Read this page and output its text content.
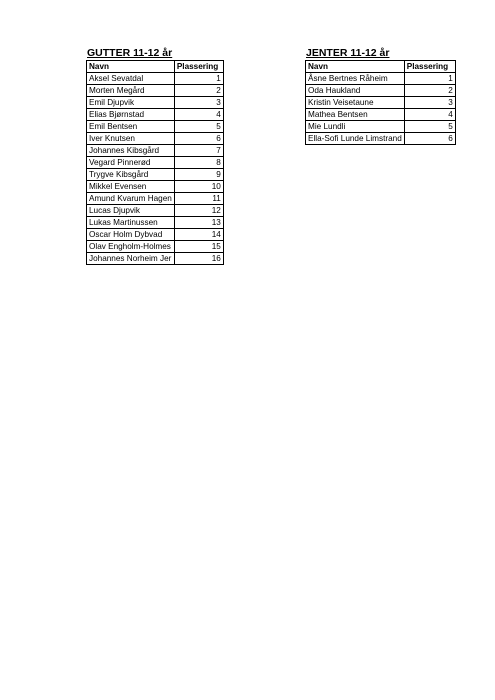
GUTTER 11-12 år
Navn	Plassering
Aksel Sevatdal	1
Morten Megård	2
Emil Djupvik	3
Elias Bjørnstad	4
Emil Bentsen	5
Iver Knutsen	6
Johannes Kibsgård	7
Vegard Pinnerød	8
Trygve Kibsgård	9
Mikkel Evensen	10
Amund Kvarum Hagen	11
Lucas Djupvik	12
Lukas Martinussen	13
Oscar Holm Dybvad	14
Olav Engholm-Holmes	15
Johannes Norheim Jer	16
JENTER 11-12 år
Navn	Plassering
Åsne Bertnes Råheim	1
Oda Haukland	2
Kristin Veisetaune	3
Mathea Bentsen	4
Mie Lundli	5
Ella-Sofi Lunde Limstrand	6
